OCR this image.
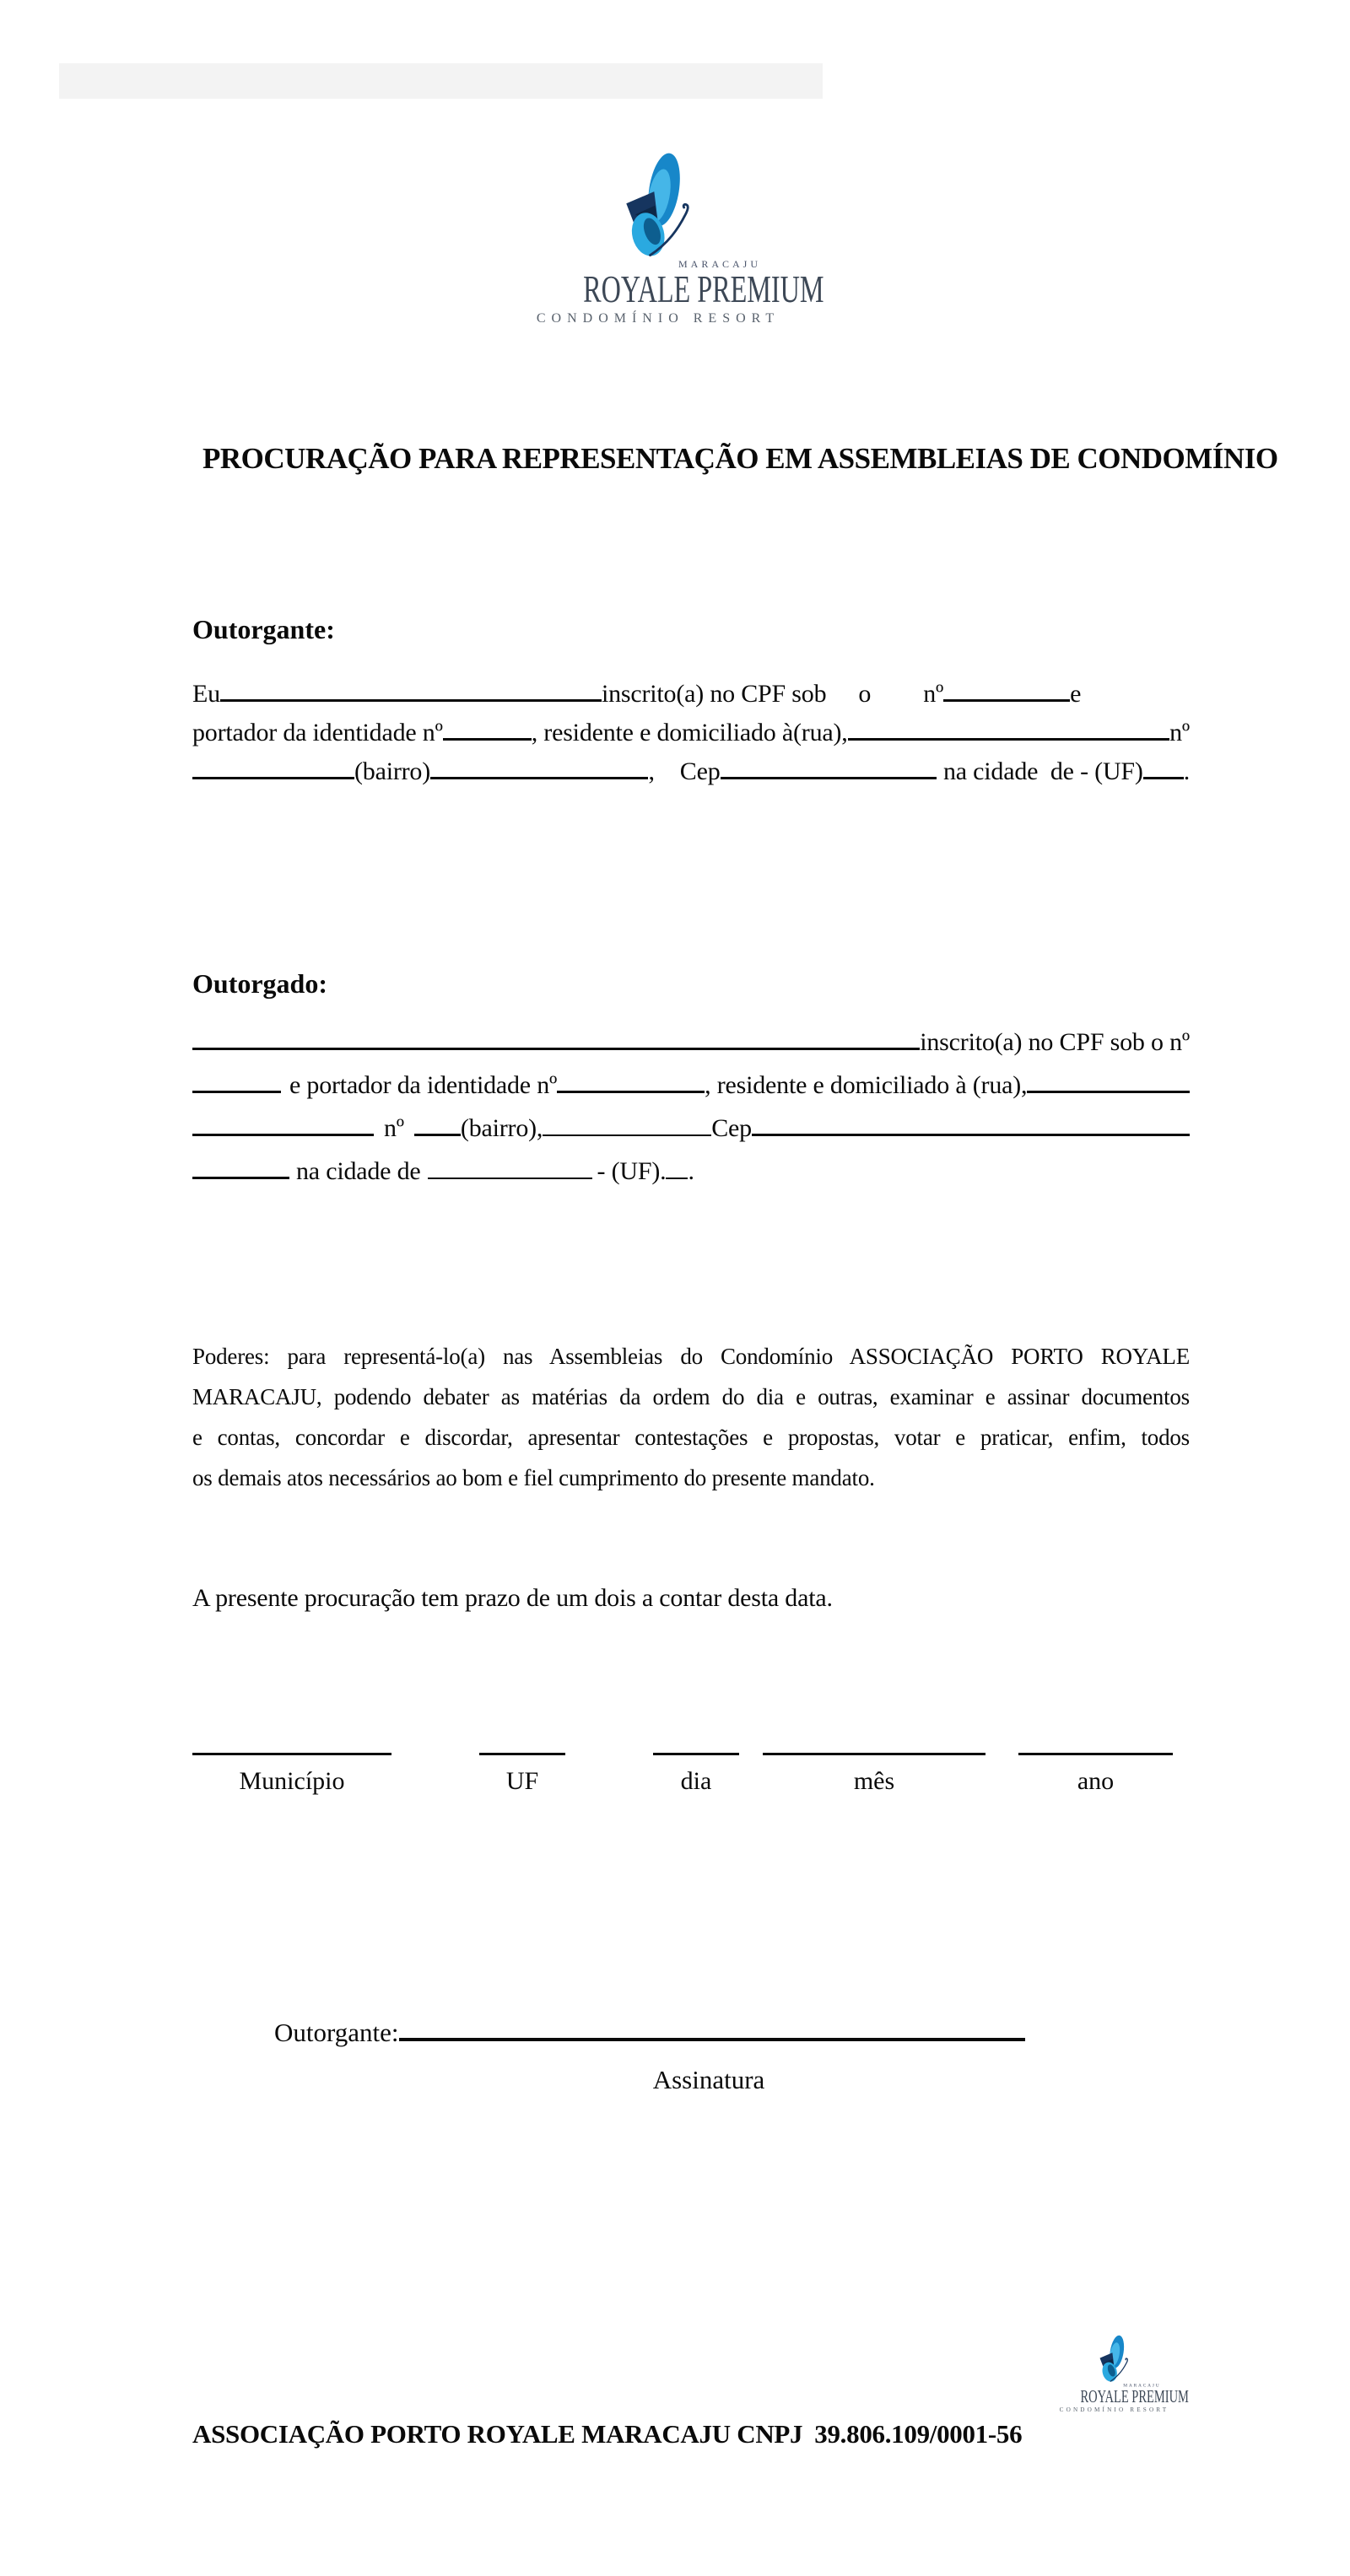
MARACAJU
ROYALE PREMIUM
CONDOMÍNIO RESORT
PROCURAÇÃO PARA REPRESENTAÇÃO EM ASSEMBLEIAS DE CONDOMÍNIO
Outorgante:
Eu	inscrito(a) no CPF sob o nº	e
portador da identidade nº	, residente e domiciliado à(rua),	nº
(bairro)	, Cep	na cidade  de - (UF) .
Outorgado:
inscrito(a) no CPF sob o nº
e portador da identidade nº	, residente e domiciliado à (rua),
nº (bairro),	Cep
na cidade de	- (UF). .
Poderes: para representá-lo(a) nas Assembleias do Condomínio ASSOCIAÇÃO PORTO ROYALE
MARACAJU, podendo debater as matérias da ordem do dia e outras, examinar e assinar documentos
e contas, concordar e discordar, apresentar contestações e propostas, votar e praticar, enfim, todos
os demais atos necessários ao bom e fiel cumprimento do presente mandato.
A presente procuração tem prazo de um dois a contar desta data.
Município	UF	dia	mês	ano
Outorgante:
Assinatura
MARACAJU
ROYALE PREMIUM
CONDOMÍNIO RESORT
ASSOCIAÇÃO PORTO ROYALE MARACAJU CNPJ 39.806.109/0001-56
